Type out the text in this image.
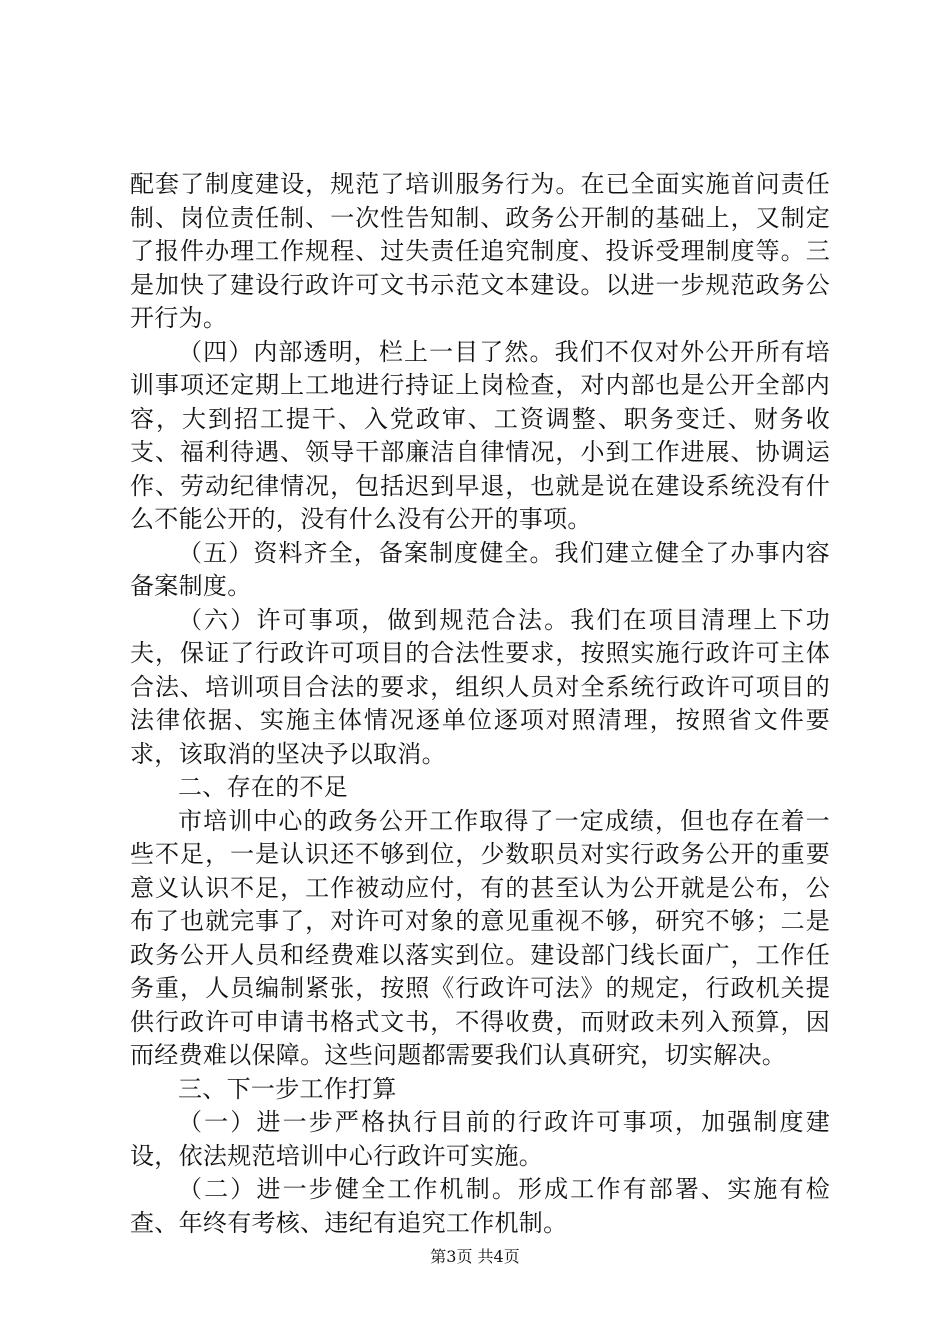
配套了制度建设，规范了培训服务行为。在已全面实施首问责任制、岗位责任制、一次性告知制、政务公开制的基础上，又制定了报件办理工作规程、过失责任追究制度、投诉受理制度等。三是加快了建设行政许可文书示范文本建设。以进一步规范政务公开行为。

（四）内部透明，栏上一目了然。我们不仅对外公开所有培训事项还定期上工地进行持证上岗检查，对内部也是公开全部内容，大到招工提干、入党政审、工资调整、职务变迁、财务收支、福利待遇、领导干部廉洁自律情况，小到工作进展、协调运作、劳动纪律情况，包括迟到早退，也就是说在建设系统没有什么不能公开的，没有什么没有公开的事项。

（五）资料齐全，备案制度健全。我们建立健全了办事内容备案制度。

（六）许可事项，做到规范合法。我们在项目清理上下功夫，保证了行政许可项目的合法性要求，按照实施行政许可主体合法、培训项目合法的要求，组织人员对全系统行政许可项目的法律依据、实施主体情况逐单位逐项对照清理，按照省文件要求，该取消的坚决予以取消。

二、存在的不足

市培训中心的政务公开工作取得了一定成绩，但也存在着一些不足，一是认识还不够到位，少数职员对实行政务公开的重要意义认识不足，工作被动应付，有的甚至认为公开就是公布，公布了也就完事了，对许可对象的意见重视不够，研究不够；二是政务公开人员和经费难以落实到位。建设部门线长面广，工作任务重，人员编制紧张，按照《行政许可法》的规定，行政机关提供行政许可申请书格式文书，不得收费，而财政未列入预算，因而经费难以保障。这些问题都需要我们认真研究，切实解决。

三、下一步工作打算

（一）进一步严格执行目前的行政许可事项，加强制度建设，依法规范培训中心行政许可实施。

（二）进一步健全工作机制。形成工作有部署、实施有检查、年终有考核、违纪有追究工作机制。

第3页 共4页
